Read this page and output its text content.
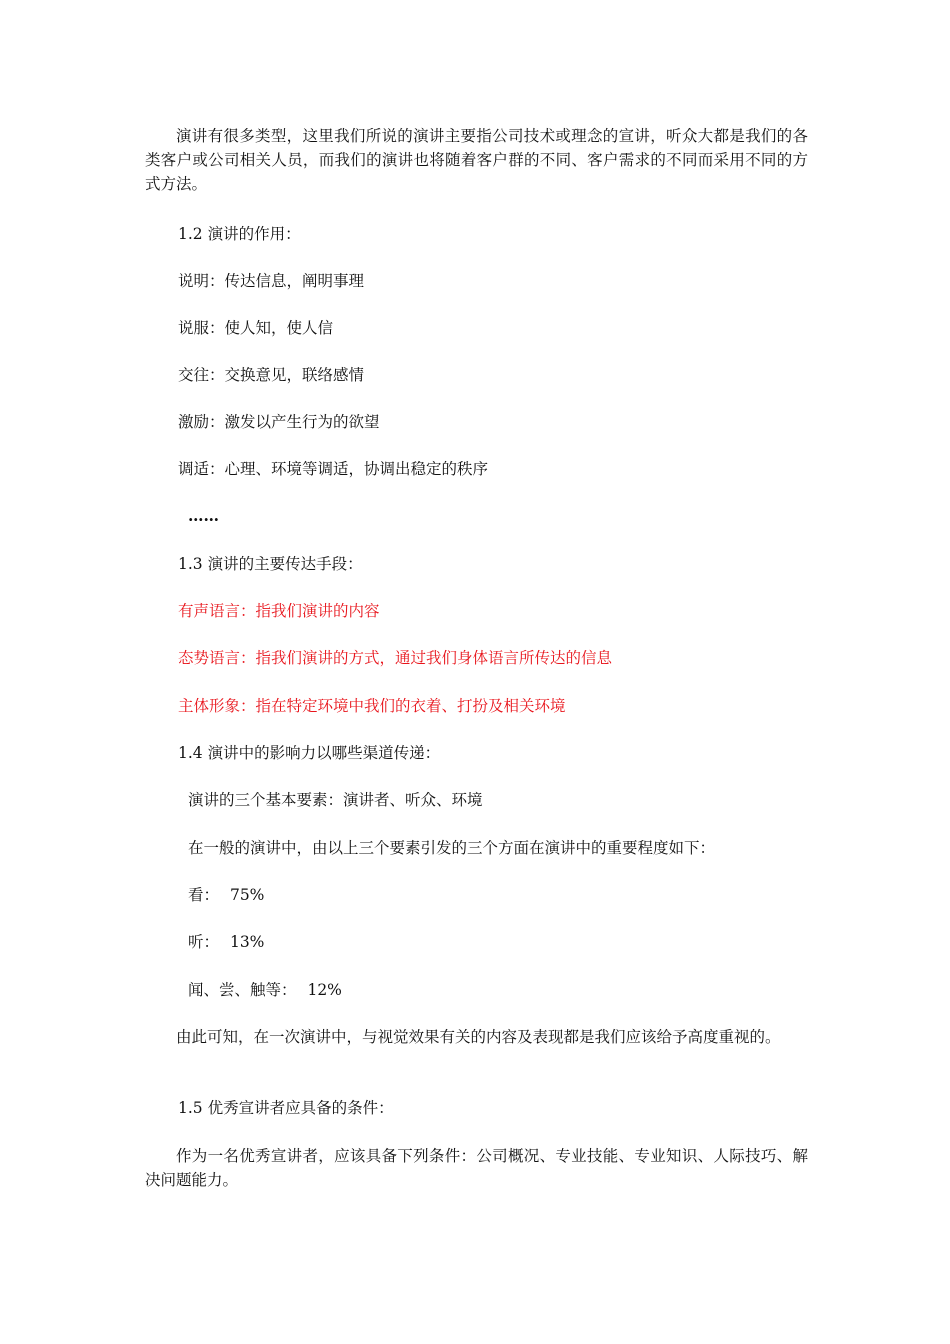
演讲有很多类型，这里我们所说的演讲主要指公司技术或理念的宣讲，听众大都是我们的各类客户或公司相关人员，而我们的演讲也将随着客户群的不同、客户需求的不同而采用不同的方式方法。

1.2 演讲的作用：
说明：传达信息，阐明事理
说服：使人知，使人信
交往：交换意见，联络感情
激励：激发以产生行为的欲望
调适：心理、环境等调适，协调出稳定的秩序
……
1.3 演讲的主要传达手段：
有声语言：指我们演讲的内容
态势语言：指我们演讲的方式，通过我们身体语言所传达的信息
主体形象：指在特定环境中我们的衣着、打扮及相关环境
1.4 演讲中的影响力以哪些渠道传递：
演讲的三个基本要素：演讲者、听众、环境
在一般的演讲中，由以上三个要素引发的三个方面在演讲中的重要程度如下：
看： 75%
听： 13%
闻、尝、触等： 12%

由此可知，在一次演讲中，与视觉效果有关的内容及表现都是我们应该给予高度重视的。

1.5 优秀宣讲者应具备的条件：

作为一名优秀宣讲者，应该具备下列条件：公司概况、专业技能、专业知识、人际技巧、解决问题能力。
